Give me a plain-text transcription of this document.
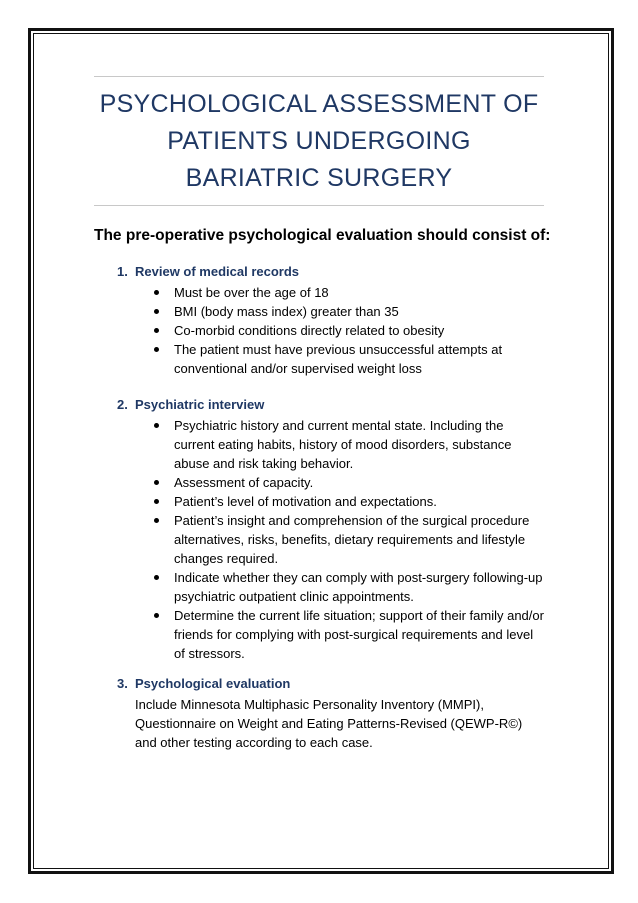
PSYCHOLOGICAL ASSESSMENT OF
PATIENTS UNDERGOING
BARIATRIC SURGERY
The pre-operative psychological evaluation should consist of:
1. Review of medical records
Must be over the age of 18
BMI (body mass index) greater than 35
Co-morbid conditions directly related to obesity
The patient must have previous unsuccessful attempts at conventional and/or supervised weight loss
2. Psychiatric interview
Psychiatric history and current mental state. Including the current eating habits, history of mood disorders, substance abuse and risk taking behavior.
Assessment of capacity.
Patient’s level of motivation and expectations.
Patient’s insight and comprehension of the surgical procedure alternatives, risks, benefits, dietary requirements and lifestyle changes required.
Indicate whether they can comply with post-surgery following-up psychiatric outpatient clinic appointments.
Determine the current life situation; support of their family and/or friends for complying with post-surgical requirements and level of stressors.
3. Psychological evaluation
Include Minnesota Multiphasic Personality Inventory (MMPI),
Questionnaire on Weight and Eating Patterns-Revised (QEWP-R©)
and other testing according to each case.
